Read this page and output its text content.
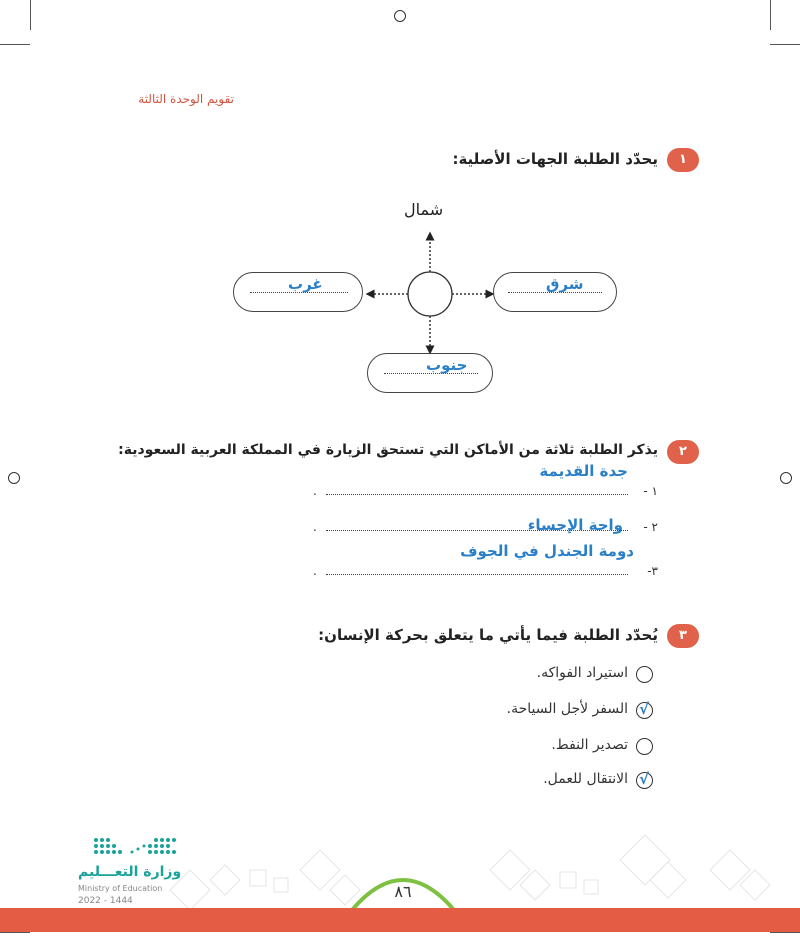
تقويم الوحدة الثالثة
١
يحدّد الطلبة الجهات الأصلية:
شمال
غرب	شرق
جنوب
٢
يذكر الطلبة ثلاثة من الأماكن التي تستحق الزيارة في المملكة العربية السعودية:
جدة القديمة
١ -
.
واحة الإحساء ٢ -
.
دومة الجندل في الجوف
٣-
.
٣
يُحدّد الطلبة فيما يأتي ما يتعلق بحركة الإنسان:
استيراد الفواكه.
√
السفر لأجل السياحة.
تصدير النفط.
√
الانتقال للعمل.
وزارة التعـــليم
Ministry of Education
2022 - 1444	٨٦
